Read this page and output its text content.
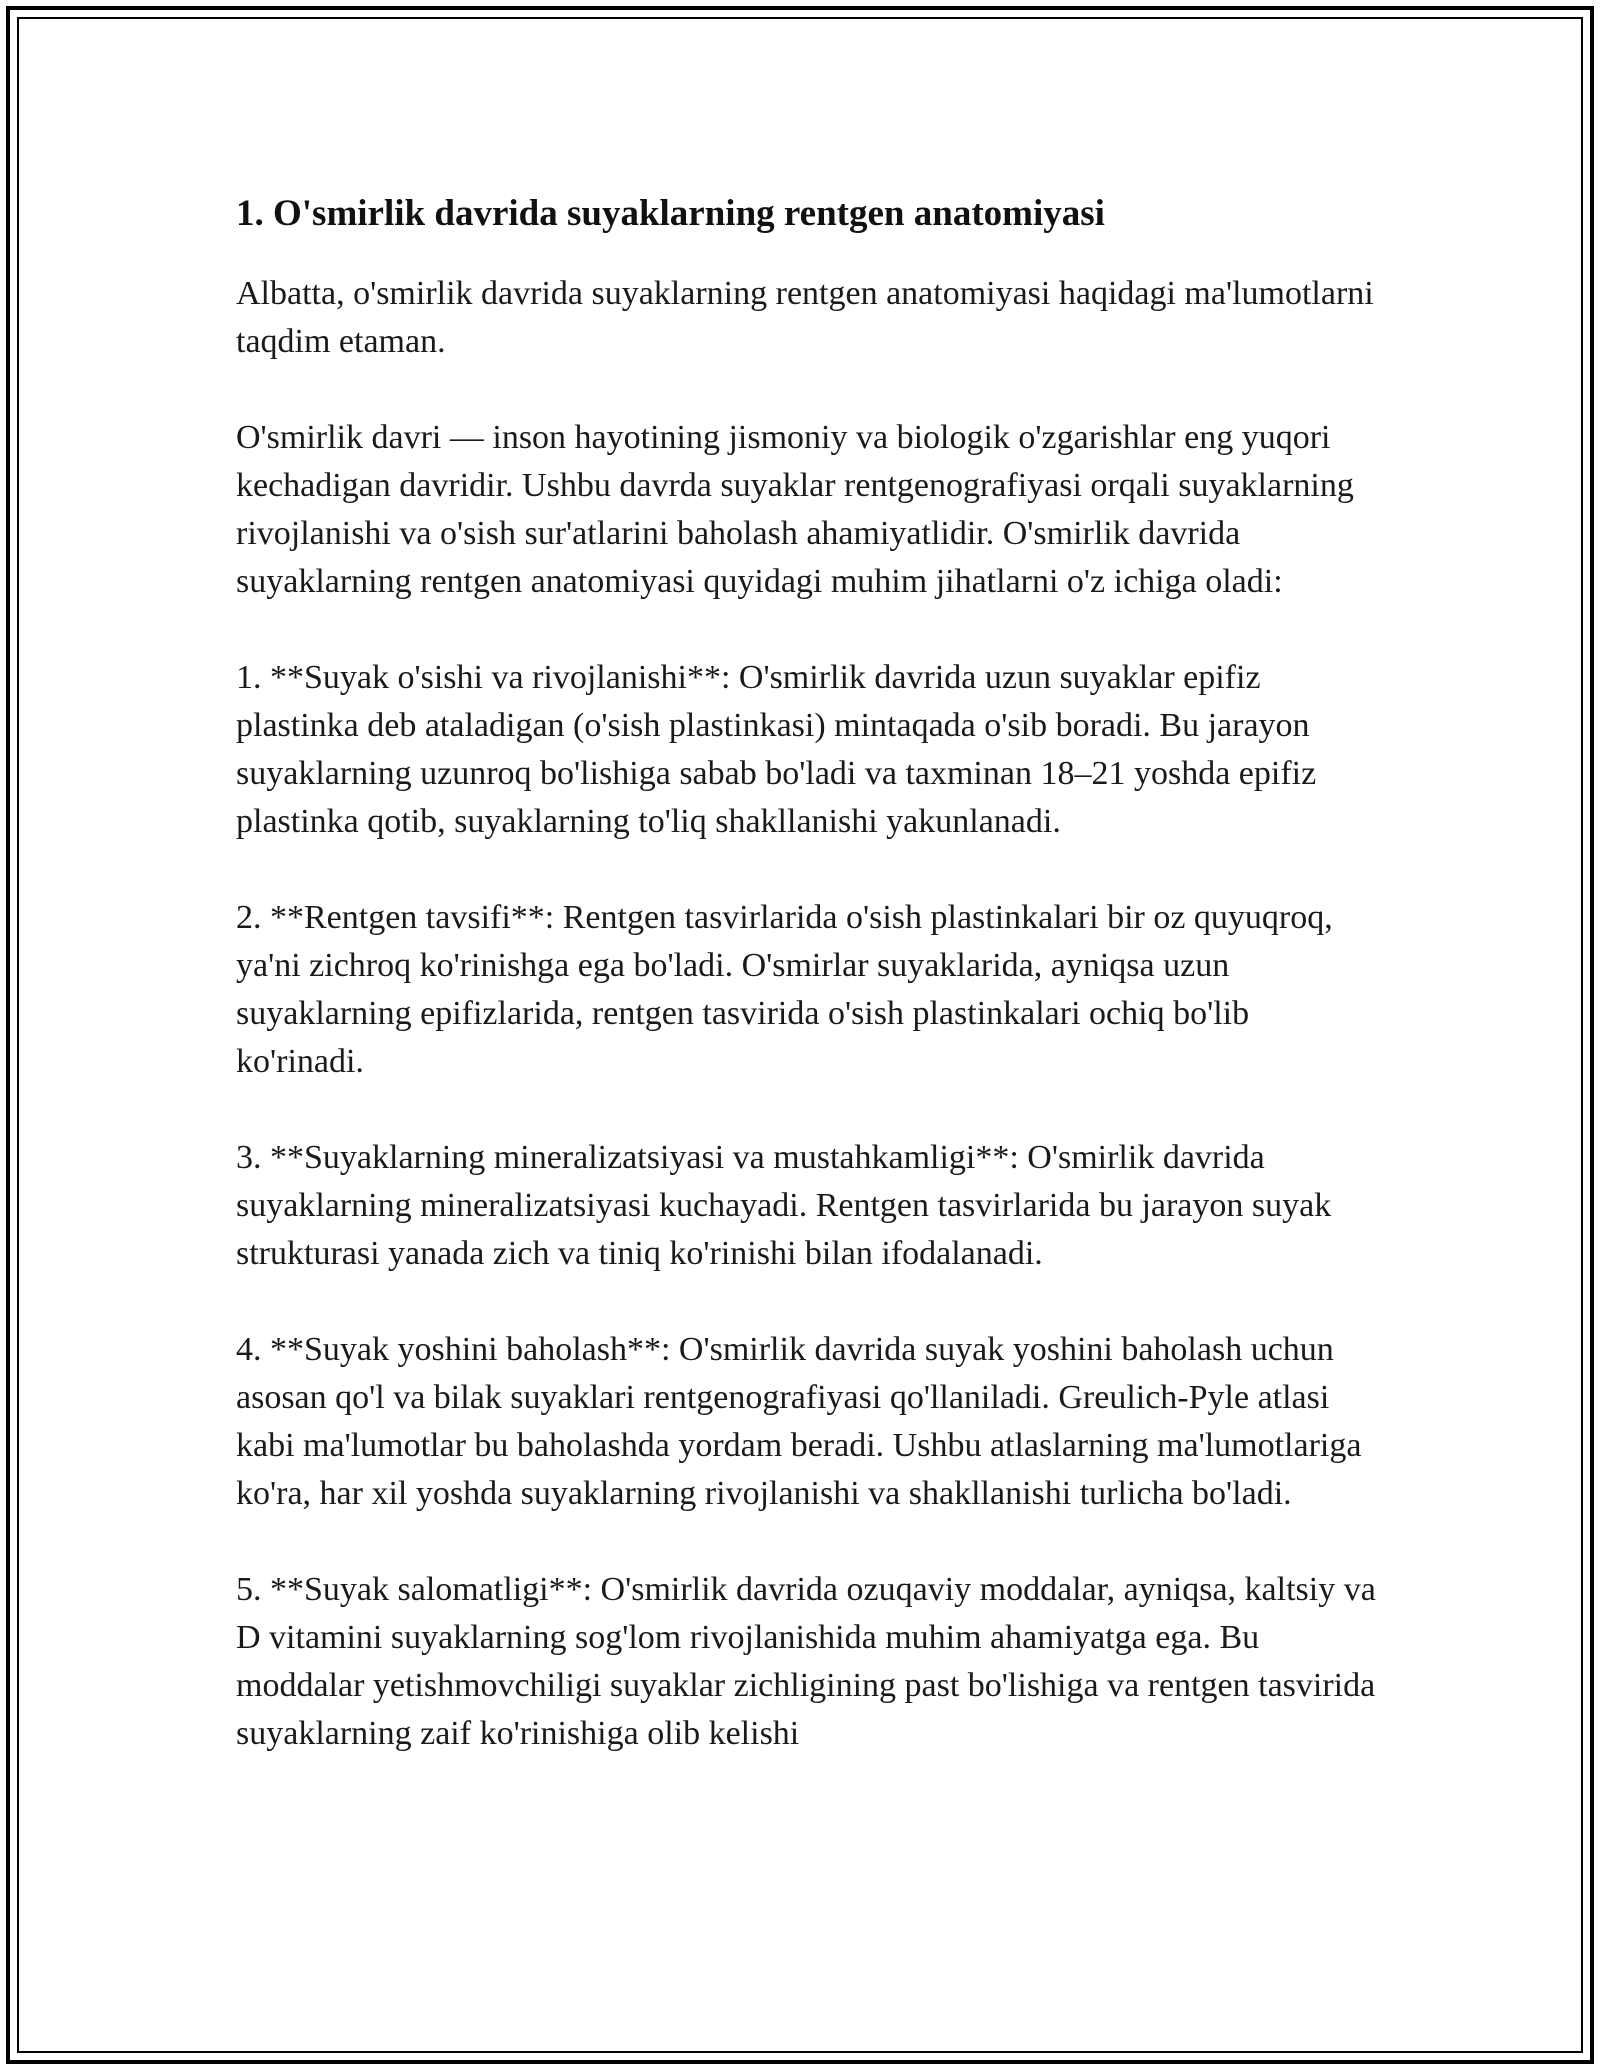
1. O'smirlik davrida suyaklarning rentgen anatomiyasi

Albatta, o'smirlik davrida suyaklarning rentgen anatomiyasi haqidagi ma'lumotlarni taqdim etaman.

O'smirlik davri — inson hayotining jismoniy va biologik o'zgarishlar eng yuqori kechadigan davridir. Ushbu davrda suyaklar rentgenografiyasi orqali suyaklarning rivojlanishi va o'sish sur'atlarini baholash ahamiyatlidir. O'smirlik davrida suyaklarning rentgen anatomiyasi quyidagi muhim jihatlarni o'z ichiga oladi:

1. **Suyak o'sishi va rivojlanishi**: O'smirlik davrida uzun suyaklar epifiz plastinka deb ataladigan (o'sish plastinkasi) mintaqada o'sib boradi. Bu jarayon suyaklarning uzunroq bo'lishiga sabab bo'ladi va taxminan 18–21 yoshda epifiz plastinka qotib, suyaklarning to'liq shakllanishi yakunlanadi.

2. **Rentgen tavsifi**: Rentgen tasvirlarida o'sish plastinkalari bir oz quyuqroq, ya'ni zichroq ko'rinishga ega bo'ladi. O'smirlar suyaklarida, ayniqsa uzun suyaklarning epifizlarida, rentgen tasvirida o'sish plastinkalari ochiq bo'lib ko'rinadi.

3. **Suyaklarning mineralizatsiyasi va mustahkamligi**: O'smirlik davrida suyaklarning mineralizatsiyasi kuchayadi. Rentgen tasvirlarida bu jarayon suyak strukturasi yanada zich va tiniq ko'rinishi bilan ifodalanadi.

4. **Suyak yoshini baholash**: O'smirlik davrida suyak yoshini baholash uchun asosan qo'l va bilak suyaklari rentgenografiyasi qo'llaniladi. Greulich-Pyle atlasi kabi ma'lumotlar bu baholashda yordam beradi. Ushbu atlaslarning ma'lumotlariga ko'ra, har xil yoshda suyaklarning rivojlanishi va shakllanishi turlicha bo'ladi.

5. **Suyak salomatligi**: O'smirlik davrida ozuqaviy moddalar, ayniqsa, kaltsiy va D vitamini suyaklarning sog'lom rivojlanishida muhim ahamiyatga ega. Bu moddalar yetishmovchiligi suyaklar zichligining past bo'lishiga va rentgen tasvirida suyaklarning zaif ko'rinishiga olib kelishi
